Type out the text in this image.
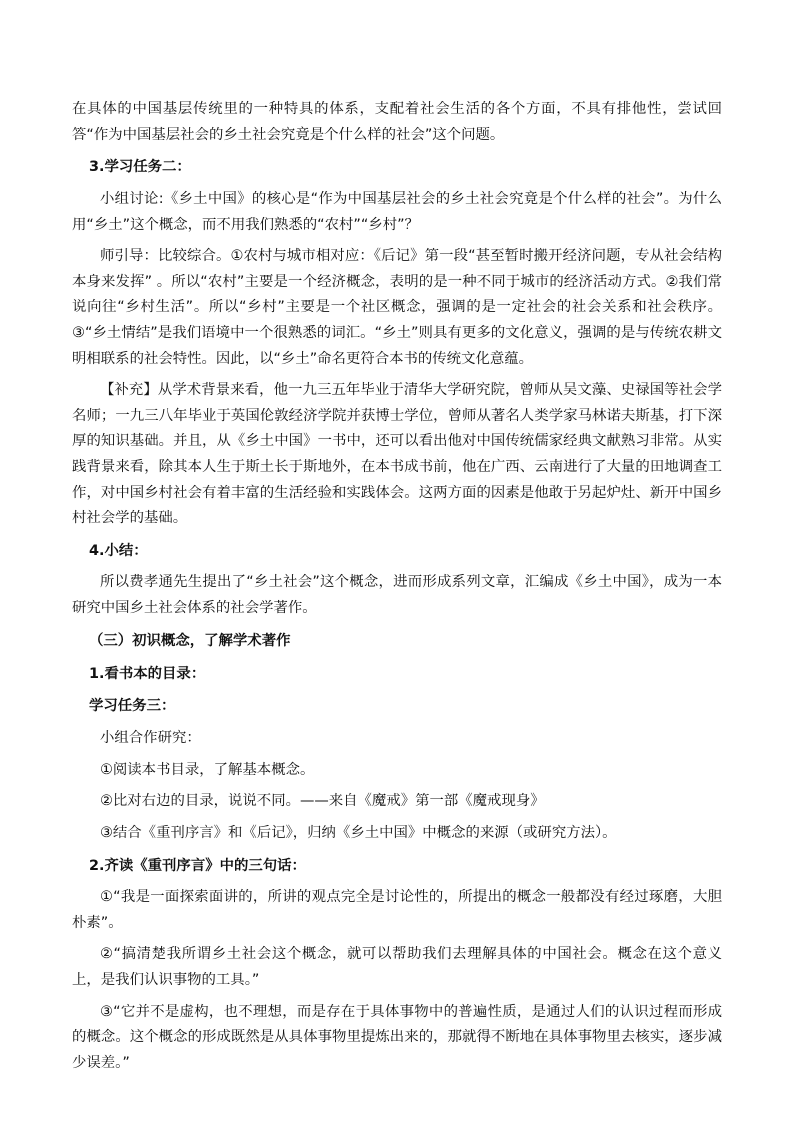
在具体的中国基层传统里的一种特具的体系，支配着社会生活的各个方面，不具有排他性，尝试回答“作为中国基层社会的乡土社会究竟是个什么样的社会”这个问题。

3.学习任务二：

小组讨论:《乡土中国》的核心是“作为中国基层社会的乡土社会究竟是个什么样的社会”。为什么用“乡土”这个概念，而不用我们熟悉的“农村”“乡村”？

师引导：比较综合。①农村与城市相对应：《后记》第一段“甚至暂时搬开经济问题，专从社会结构本身来发挥” 。所以“农村”主要是一个经济概念，表明的是一种不同于城市的经济活动方式。②我们常说向往“乡村生活”。所以“乡村”主要是一个社区概念，强调的是一定社会的社会关系和社会秩序。③“乡土情结”是我们语境中一个很熟悉的词汇。“乡土”则具有更多的文化意义，强调的是与传统农耕文明相联系的社会特性。因此，以“乡土”命名更符合本书的传统文化意蕴。

【补充】从学术背景来看，他一九三五年毕业于清华大学研究院，曾师从吴文藻、史禄国等社会学名师；一九三八年毕业于英国伦敦经济学院并获博士学位，曾师从著名人类学家马林诺夫斯基，打下深厚的知识基础。并且，从《乡土中国》一书中，还可以看出他对中国传统儒家经典文献熟习非常。从实践背景来看，除其本人生于斯土长于斯地外，在本书成书前，他在广西、云南进行了大量的田地调查工作，对中国乡村社会有着丰富的生活经验和实践体会。这两方面的因素是他敢于另起炉灶、新开中国乡村社会学的基础。

4.小结：

所以费孝通先生提出了“乡土社会”这个概念，进而形成系列文章，汇编成《乡土中国》，成为一本研究中国乡土社会体系的社会学著作。

（三）初识概念，了解学术著作

1.看书本的目录：

学习任务三：

小组合作研究：

①阅读本书目录，了解基本概念。

②比对右边的目录，说说不同。——来自《魔戒》第一部《魔戒现身》

③结合《重刊序言》和《后记》，归纳《乡土中国》中概念的来源（或研究方法）。

2.齐读《重刊序言》中的三句话：

①“我是一面探索面讲的，所讲的观点完全是讨论性的，所提出的概念一般都没有经过琢磨，大胆朴素”。

②“搞清楚我所谓乡土社会这个概念，就可以帮助我们去理解具体的中国社会。概念在这个意义上，是我们认识事物的工具。”

③“它并不是虚构，也不理想，而是存在于具体事物中的普遍性质，是通过人们的认识过程而形成的概念。这个概念的形成既然是从具体事物里提炼出来的，那就得不断地在具体事物里去核实，逐步减少误差。”
